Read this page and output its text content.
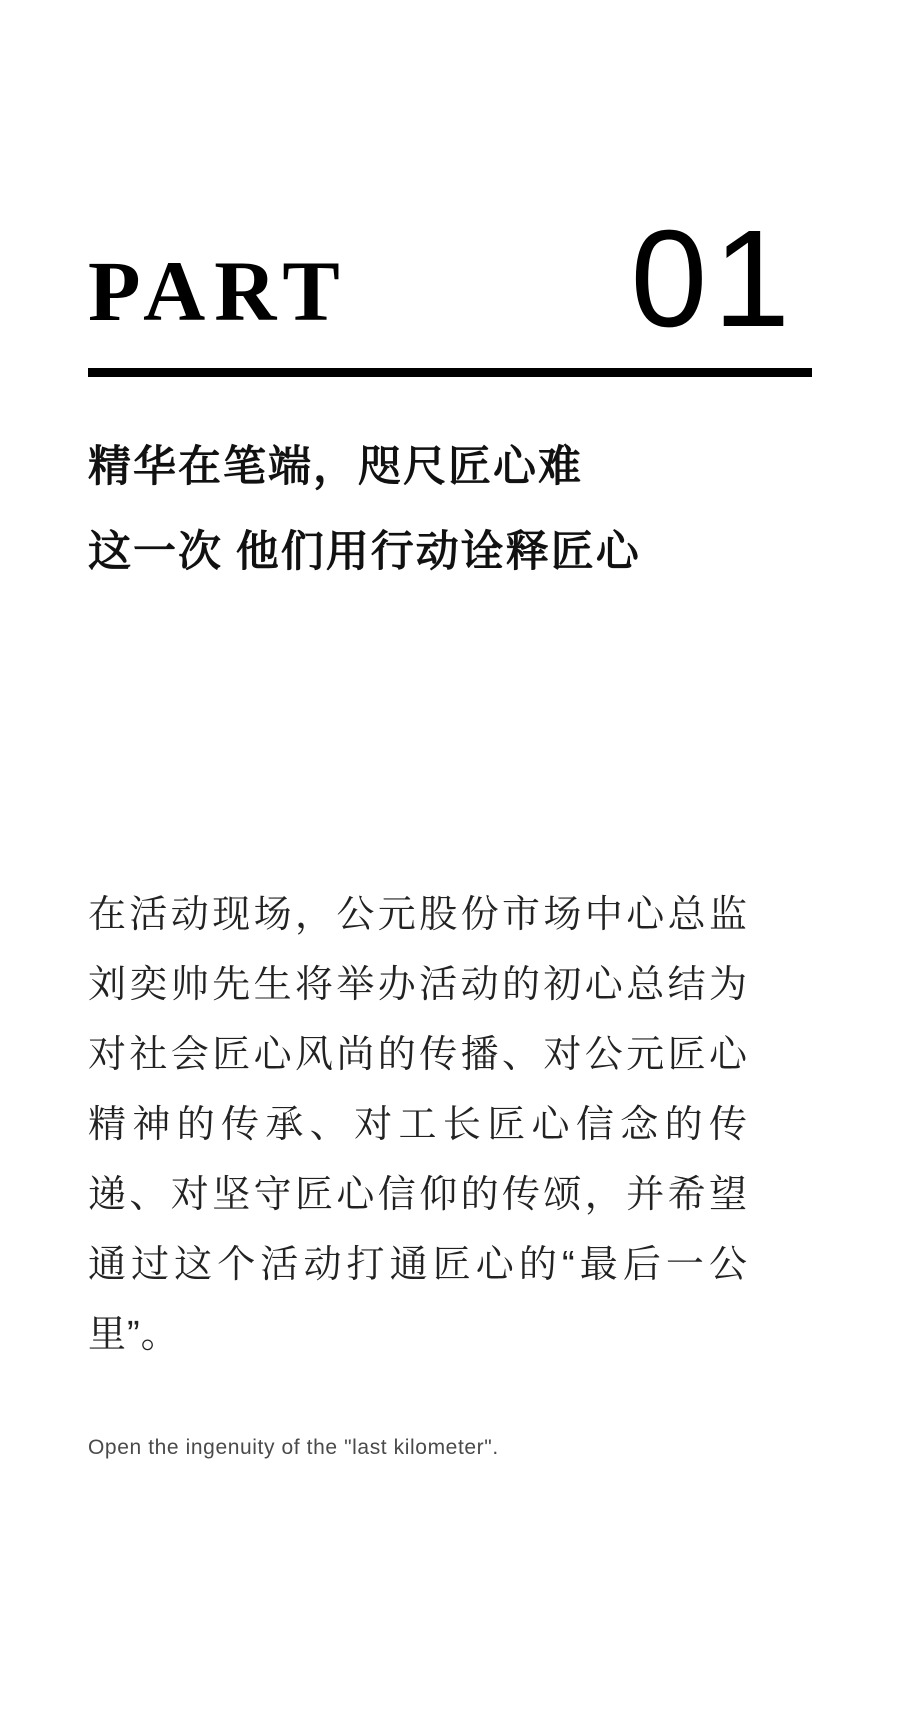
PART 01
精华在笔端，咫尺匠心难
这一次 他们用行动诠释匠心

在活动现场，公元股份市场中心总监刘奕帅先生将举办活动的初心总结为对社会匠心风尚的传播、对公元匠心精神的传承、对工长匠心信念的传递、对坚守匠心信仰的传颂，并希望通过这个活动打通匠心的“最后一公里”。

Open the ingenuity of the "last kilometer".
